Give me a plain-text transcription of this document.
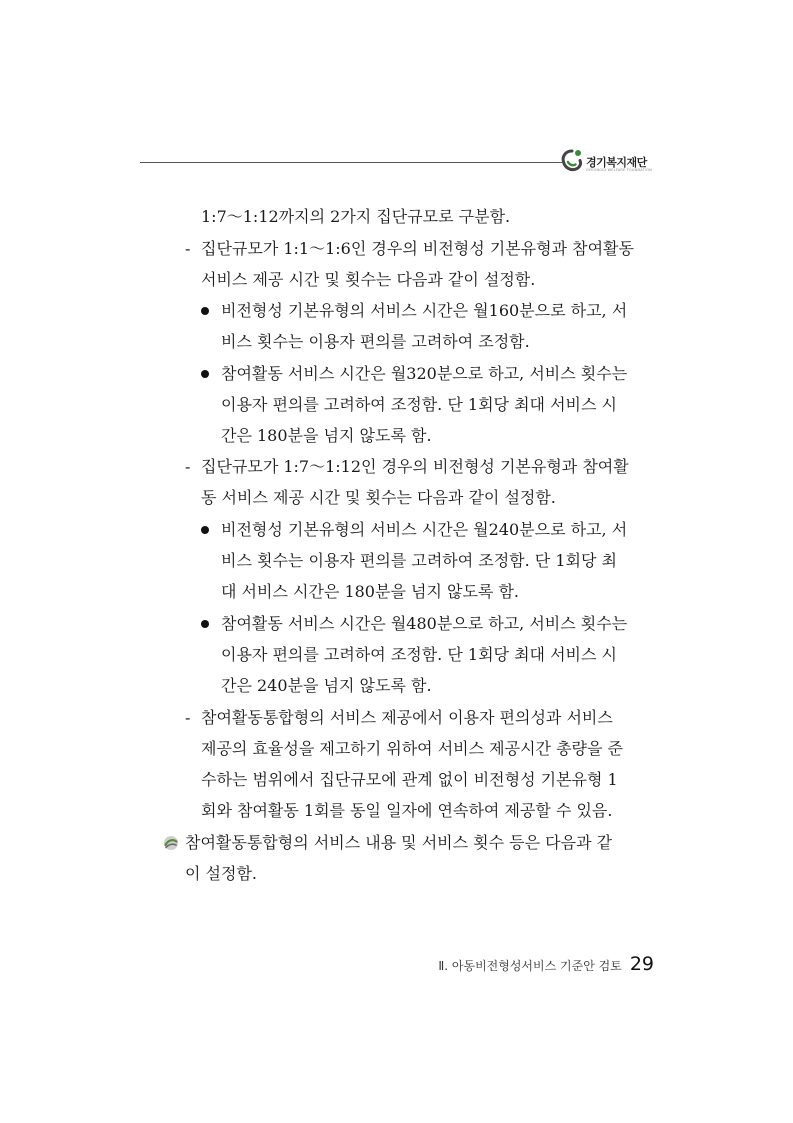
경기복지재단
GYEONGGI WELFARE FOUNDATION
1:7～1:12까지의 2가지 집단규모로 구분함.
- 집단규모가 1:1～1:6인 경우의 비전형성 기본유형과 참여활동
서비스 제공 시간 및 횟수는 다음과 같이 설정함.
비전형성 기본유형의 서비스 시간은 월160분으로 하고, 서
비스 횟수는 이용자 편의를 고려하여 조정함.
참여활동 서비스 시간은 월320분으로 하고, 서비스 횟수는
이용자 편의를 고려하여 조정함. 단 1회당 최대 서비스 시
간은 180분을 넘지 않도록 함.
- 집단규모가 1:7～1:12인 경우의 비전형성 기본유형과 참여활
동 서비스 제공 시간 및 횟수는 다음과 같이 설정함.
비전형성 기본유형의 서비스 시간은 월240분으로 하고, 서
비스 횟수는 이용자 편의를 고려하여 조정함. 단 1회당 최
대 서비스 시간은 180분을 넘지 않도록 함.
참여활동 서비스 시간은 월480분으로 하고, 서비스 횟수는
이용자 편의를 고려하여 조정함. 단 1회당 최대 서비스 시
간은 240분을 넘지 않도록 함.
- 참여활동통합형의 서비스 제공에서 이용자 편의성과 서비스
제공의 효율성을 제고하기 위하여 서비스 제공시간 총량을 준
수하는 범위에서 집단규모에 관계 없이 비전형성 기본유형 1
회와 참여활동 1회를 동일 일자에 연속하여 제공할 수 있음.
참여활동통합형의 서비스 내용 및 서비스 횟수 등은 다음과 같
이 설정함.
Ⅱ. 아동비전형성서비스 기준안 검토 29
